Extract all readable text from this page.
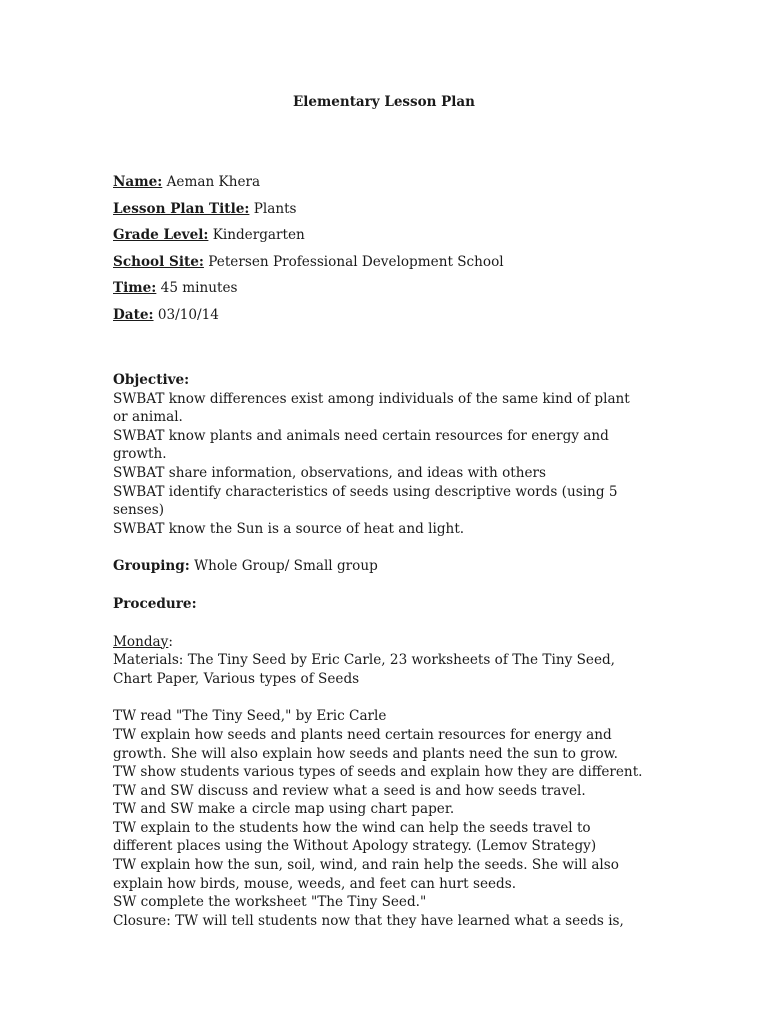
Elementary Lesson Plan
Name: Aeman Khera
Lesson Plan Title: Plants
Grade Level: Kindergarten
School Site: Petersen Professional Development School
Time: 45 minutes
Date: 03/10/14
Objective:
SWBAT know differences exist among individuals of the same kind of plant
or animal.
SWBAT know plants and animals need certain resources for energy and
growth.
SWBAT share information, observations, and ideas with others
SWBAT identify characteristics of seeds using descriptive words (using 5
senses)
SWBAT know the Sun is a source of heat and light.
Grouping: Whole Group/ Small group
Procedure:
Monday:
Materials: The Tiny Seed by Eric Carle, 23 worksheets of The Tiny Seed,
Chart Paper, Various types of Seeds
TW read "The Tiny Seed," by Eric Carle
TW explain how seeds and plants need certain resources for energy and
growth. She will also explain how seeds and plants need the sun to grow.
TW show students various types of seeds and explain how they are different.
TW and SW discuss and review what a seed is and how seeds travel.
TW and SW make a circle map using chart paper.
TW explain to the students how the wind can help the seeds travel to
different places using the Without Apology strategy. (Lemov Strategy)
TW explain how the sun, soil, wind, and rain help the seeds. She will also
explain how birds, mouse, weeds, and feet can hurt seeds.
SW complete the worksheet "The Tiny Seed."
Closure: TW will tell students now that they have learned what a seeds is,
